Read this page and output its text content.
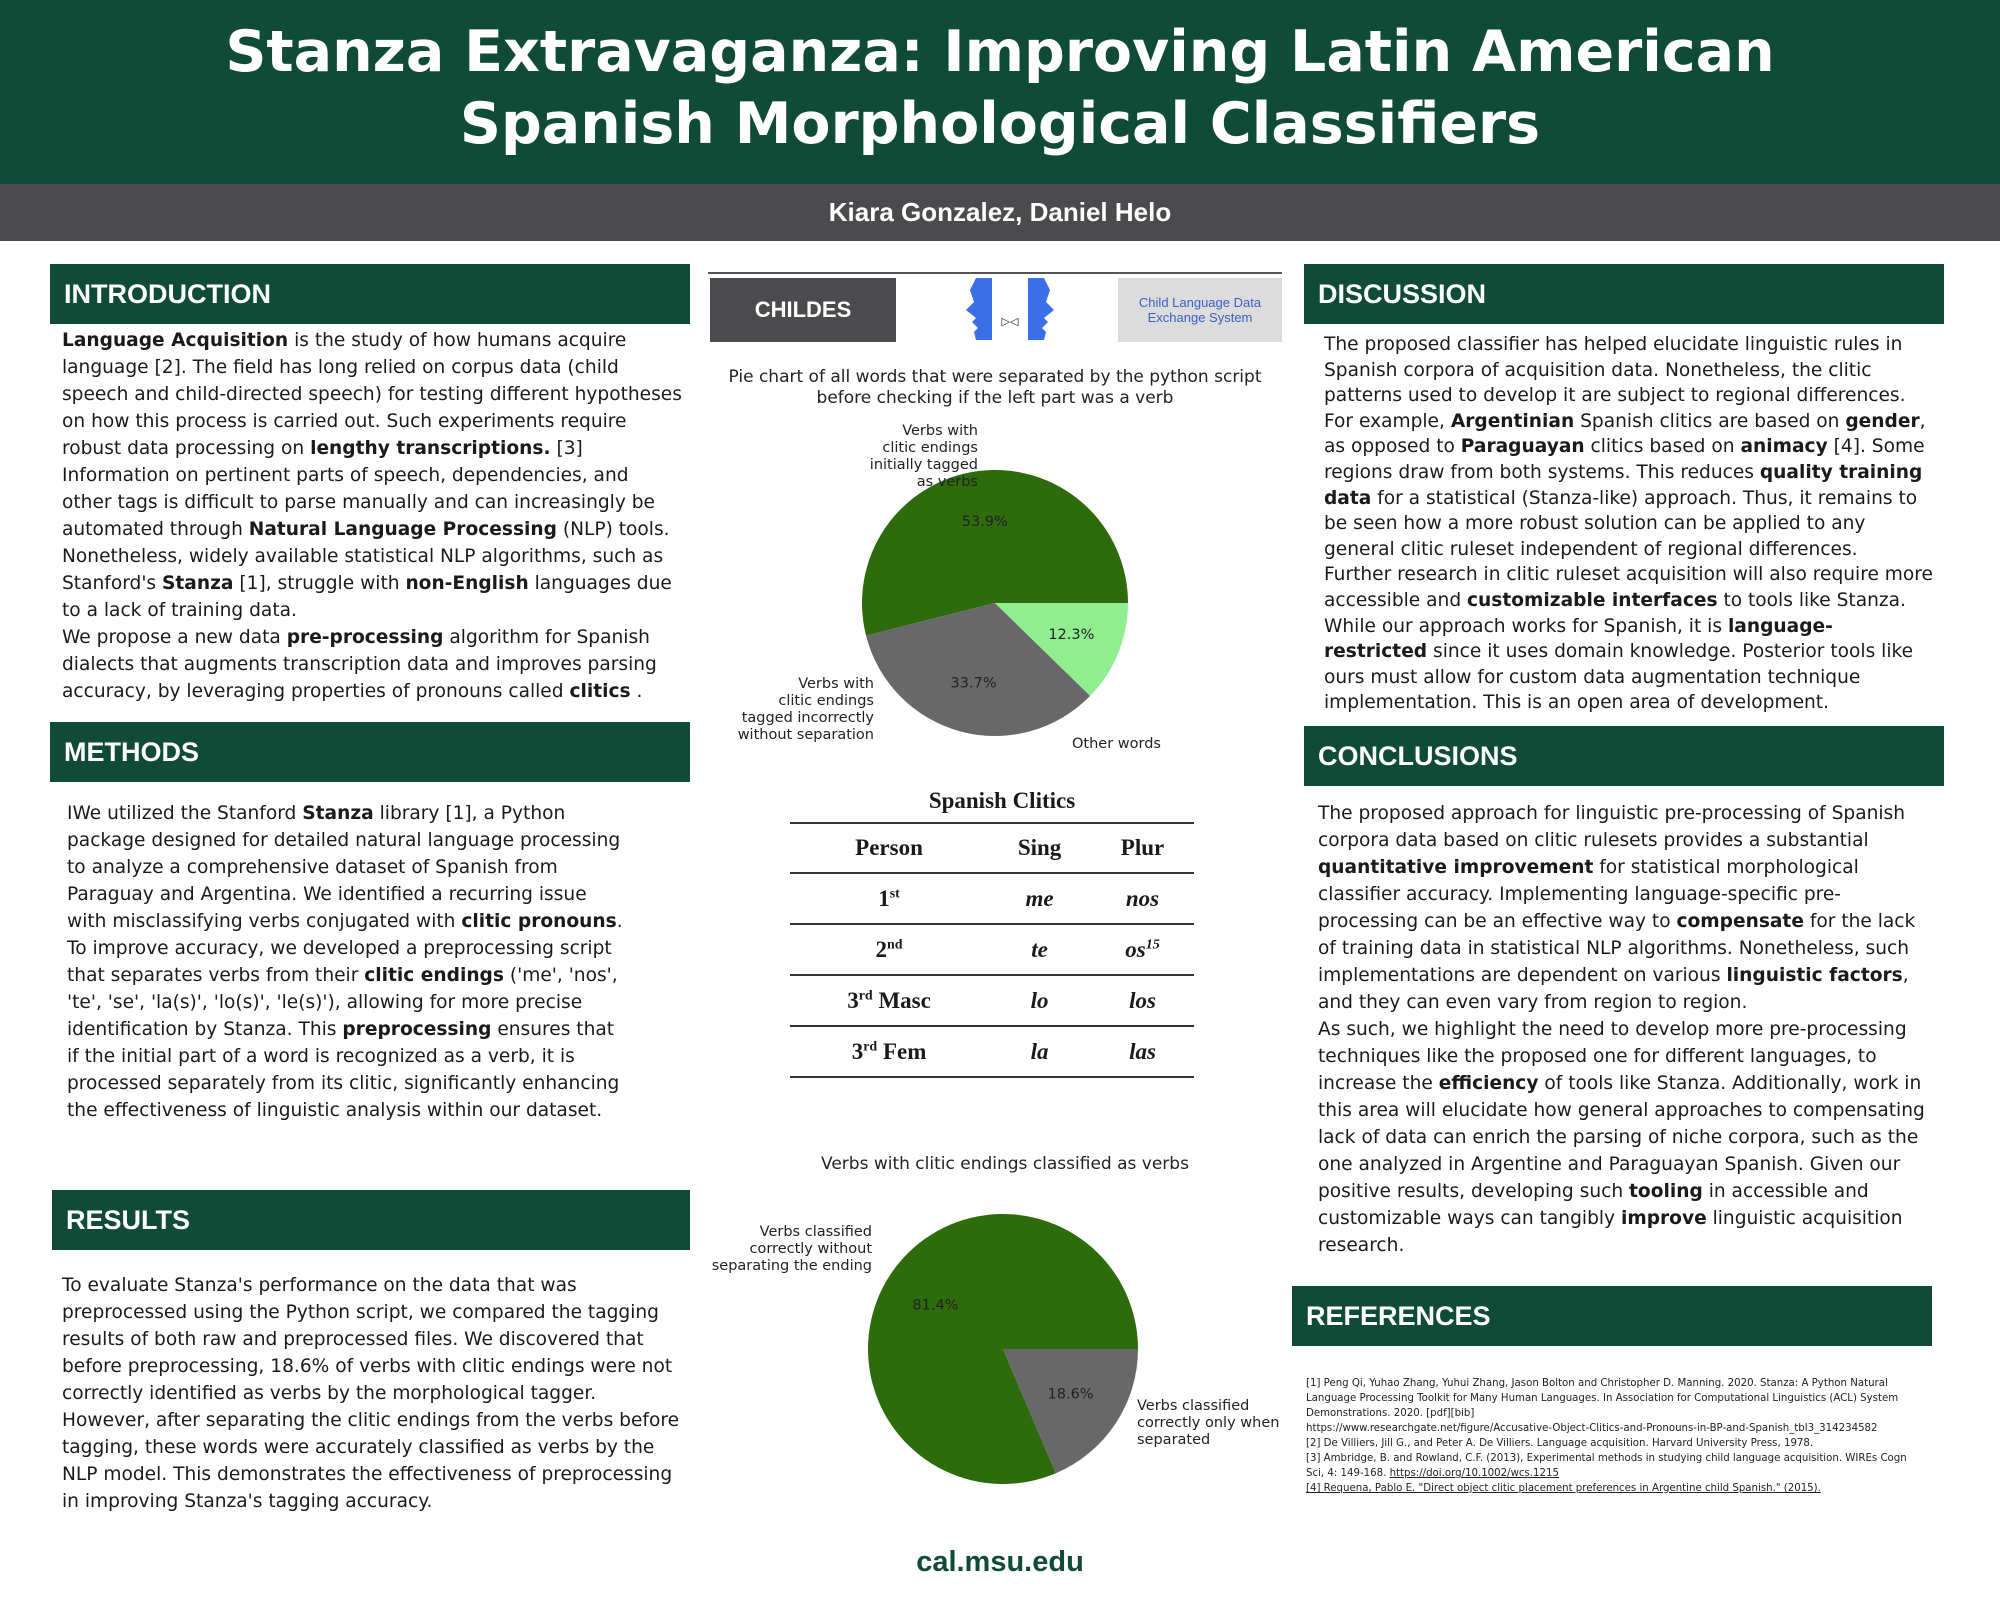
Stanza Extravaganza: Improving Latin American
Spanish Morphological Classifiers
Kiara Gonzalez, Daniel Helo
INTRODUCTION

Language Acquisition is the study of how humans acquire language [2]. The field has long relied on corpus data (child speech and child-directed speech) for testing different hypotheses on how this process is carried out. Such experiments require robust data processing on lengthy transcriptions. [3] Information on pertinent parts of speech, dependencies, and other tags is difficult to parse manually and can increasingly be automated through Natural Language Processing (NLP) tools. Nonetheless, widely available statistical NLP algorithms, such as Stanford's Stanza [1], struggle with non-English languages due to a lack of training data.

We propose a new data pre-processing algorithm for Spanish dialects that augments transcription data and improves parsing accuracy, by leveraging properties of pronouns called clitics .

METHODS

IWe utilized the Stanford Stanza library [1], a Python package designed for detailed natural language processing to analyze a comprehensive dataset of Spanish from Paraguay and Argentina. We identified a recurring issue with misclassifying verbs conjugated with clitic pronouns. To improve accuracy, we developed a preprocessing script that separates verbs from their clitic endings ('me', 'nos', 'te', 'se', 'la(s)', 'lo(s)', 'le(s)'), allowing for more precise identification by Stanza. This preprocessing ensures that if the initial part of a word is recognized as a verb, it is processed separately from its clitic, significantly enhancing the effectiveness of linguistic analysis within our dataset.

RESULTS
To evaluate Stanza's performance on the data that was preprocessed using the Python script, we compared the tagging results of both raw and preprocessed files. We discovered that before preprocessing, 18.6% of verbs with clitic endings were not correctly identified as verbs by the morphological tagger. However, after separating the clitic endings from the verbs before tagging, these words were accurately classified as verbs by the NLP model. This demonstrates the effectiveness of preprocessing in improving Stanza's tagging accuracy.
DISCUSSION

The proposed classifier has helped elucidate linguistic rules in Spanish corpora of acquisition data. Nonetheless, the clitic patterns used to develop it are subject to regional differences. For example, Argentinian Spanish clitics are based on gender, as opposed to Paraguayan clitics based on animacy [4]. Some regions draw from both systems. This reduces quality training data for a statistical (Stanza-like) approach. Thus, it remains to be seen how a more robust solution can be applied to any general clitic ruleset independent of regional differences.

Further research in clitic ruleset acquisition will also require more accessible and customizable interfaces to tools like Stanza. While our approach works for Spanish, it is language-restricted since it uses domain knowledge. Posterior tools like ours must allow for custom data augmentation technique implementation. This is an open area of development.

CONCLUSIONS

The proposed approach for linguistic pre-processing of Spanish corpora data based on clitic rulesets provides a substantial quantitative improvement for statistical morphological classifier accuracy. Implementing language-specific pre-processing can be an effective way to compensate for the lack of training data in statistical NLP algorithms. Nonetheless, such implementations are dependent on various linguistic factors, and they can even vary from region to region.

As such, we highlight the need to develop more pre-processing techniques like the proposed one for different languages, to increase the efficiency of tools like Stanza. Additionally, work in this area will elucidate how general approaches to compensating lack of data can enrich the parsing of niche corpora, such as the one analyzed in Argentine and Paraguayan Spanish. Given our positive results, developing such tooling in accessible and customizable ways can tangibly improve linguistic acquisition research.

REFERENCES
[1] Peng Qi, Yuhao Zhang, Yuhui Zhang, Jason Bolton and Christopher D. Manning. 2020. Stanza: A Python Natural Language Processing Toolkit for Many Human Languages. In Association for Computational Linguistics (ACL) System Demonstrations. 2020. [pdf][bib]
https://www.researchgate.net/figure/Accusative-Object-Clitics-and-Pronouns-in-BP-and-Spanish_tbl3_314234582
[2] De Villiers, Jill G., and Peter A. De Villiers. Language acquisition. Harvard University Press, 1978.
[3] Ambridge, B. and Rowland, C.F. (2013), Experimental methods in studying child language acquisition. WIREs Cogn Sci, 4: 149-168. https://doi.org/10.1002/wcs.1215
[4] Requena, Pablo E. "Direct object clitic placement preferences in Argentine child Spanish." (2015).
CHILDES	▷◁
Child Language Data
Exchange System
Pie chart of all words that were separated by the python script
before checking if the left part was a verb
53.9%
33.7%
12.3%
Verbs with
clitic endings
initially tagged
as verbs
Verbs with
clitic endings
tagged incorrectly
without separation
Other words
Spanish Clitics
Person	Sing	Plur
1st	me	nos
2nd	te	$os^{15}$
3rd Masc	lo	los
3rd Fem	la	las
Verbs with clitic endings classified as verbs
81.4%
18.6%
Verbs classified
correctly without
separating the ending
Verbs classified
correctly only when
separated
cal.msu.edu
